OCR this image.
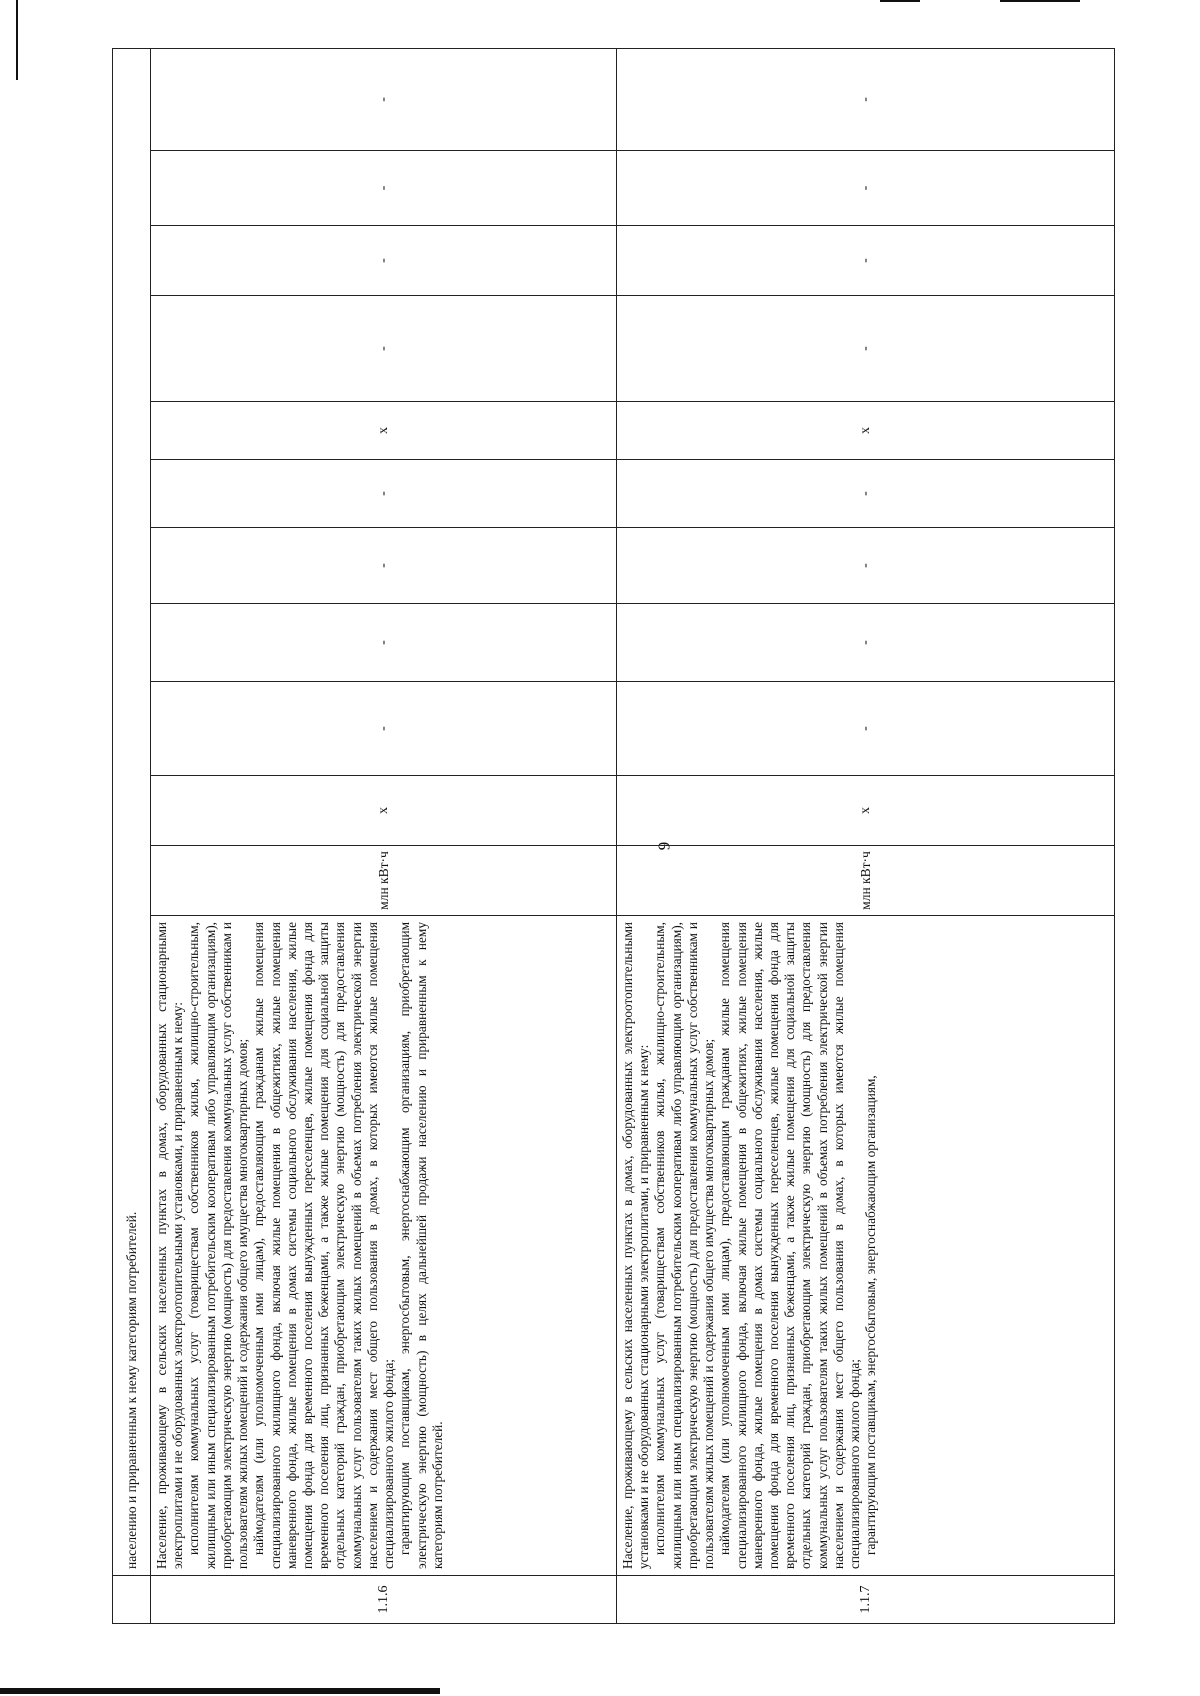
9
	населению и приравненным к нему категориям потребителей.											
1.1.6	Население, проживающему в сельских населенных пунктах в домах, оборудованных стационарными электроплитами и не оборудованных электроотопительными установками, и приравненным к нему: исполнителям коммунальных услуг (товариществам собственников жилья, жилищно-строительным, жилищным или иным специализированным потребительским кооперативам либо управляющим организациям), приобретающим электрическую энергию (мощность) для предоставления коммунальных услуг собственникам и пользователям жилых помещений и содержания общего имущества многоквартирных домов; наймодателям (или уполномоченным ими лицам), предоставляющим гражданам жилые помещения специализированного жилищного фонда, включая жилые помещения в общежитиях, жилые помещения маневренного фонда, жилые помещения в домах системы социального обслуживания населения, жилые помещения фонда для временного поселения вынужденных переселенцев, жилые помещения фонда для временного поселения лиц, признанных беженцами, а также жилые помещения для социальной защиты отдельных категорий граждан, приобретающим электрическую энергию (мощность) для предоставления коммунальных услуг пользователям таких жилых помещений в объемах потребления электрической энергии населением и содержания мест общего пользования в домах, в которых имеются жилые помещения специализированного жилого фонда; гарантирующим поставщикам, энергосбытовым, энергоснабжающим организациям, приобретающим электрическую энергию (мощность) в целях дальнейшей продажи населению и приравненным к нему категориям потребителей.	млн кВт·ч	x	-	-	-	-	x	-	-	-	-
1.1.7	Население, проживающему в сельских населенных пунктах в домах, оборудованных электроотопительными установками и не оборудованных стационарными электроплитами, и приравненным к нему: исполнителям коммунальных услуг (товариществам собственников жилья, жилищно-строительным, жилищным или иным специализированным потребительским кооперативам либо управляющим организациям), приобретающим электрическую энергию (мощность) для предоставления коммунальных услуг собственникам и пользователям жилых помещений и содержания общего имущества многоквартирных домов; наймодателям (или уполномоченным ими лицам), предоставляющим гражданам жилые помещения специализированного жилищного фонда, включая жилые помещения в общежитиях, жилые помещения маневренного фонда, жилые помещения в домах системы социального обслуживания населения, жилые помещения фонда для временного поселения вынужденных переселенцев, жилые помещения фонда для временного поселения лиц, признанных беженцами, а также жилые помещения для социальной защиты отдельных категорий граждан, приобретающим электрическую энергию (мощность) для предоставления коммунальных услуг пользователям таких жилых помещений в объемах потребления электрической энергии населением и содержания мест общего пользования в домах, в которых имеются жилые помещения специализированного жилого фонда; гарантирующим поставщикам, энергосбытовым, энергоснабжающим организациям,	млн кВт·ч	x	-	-	-	-	x	-	-	-	-
